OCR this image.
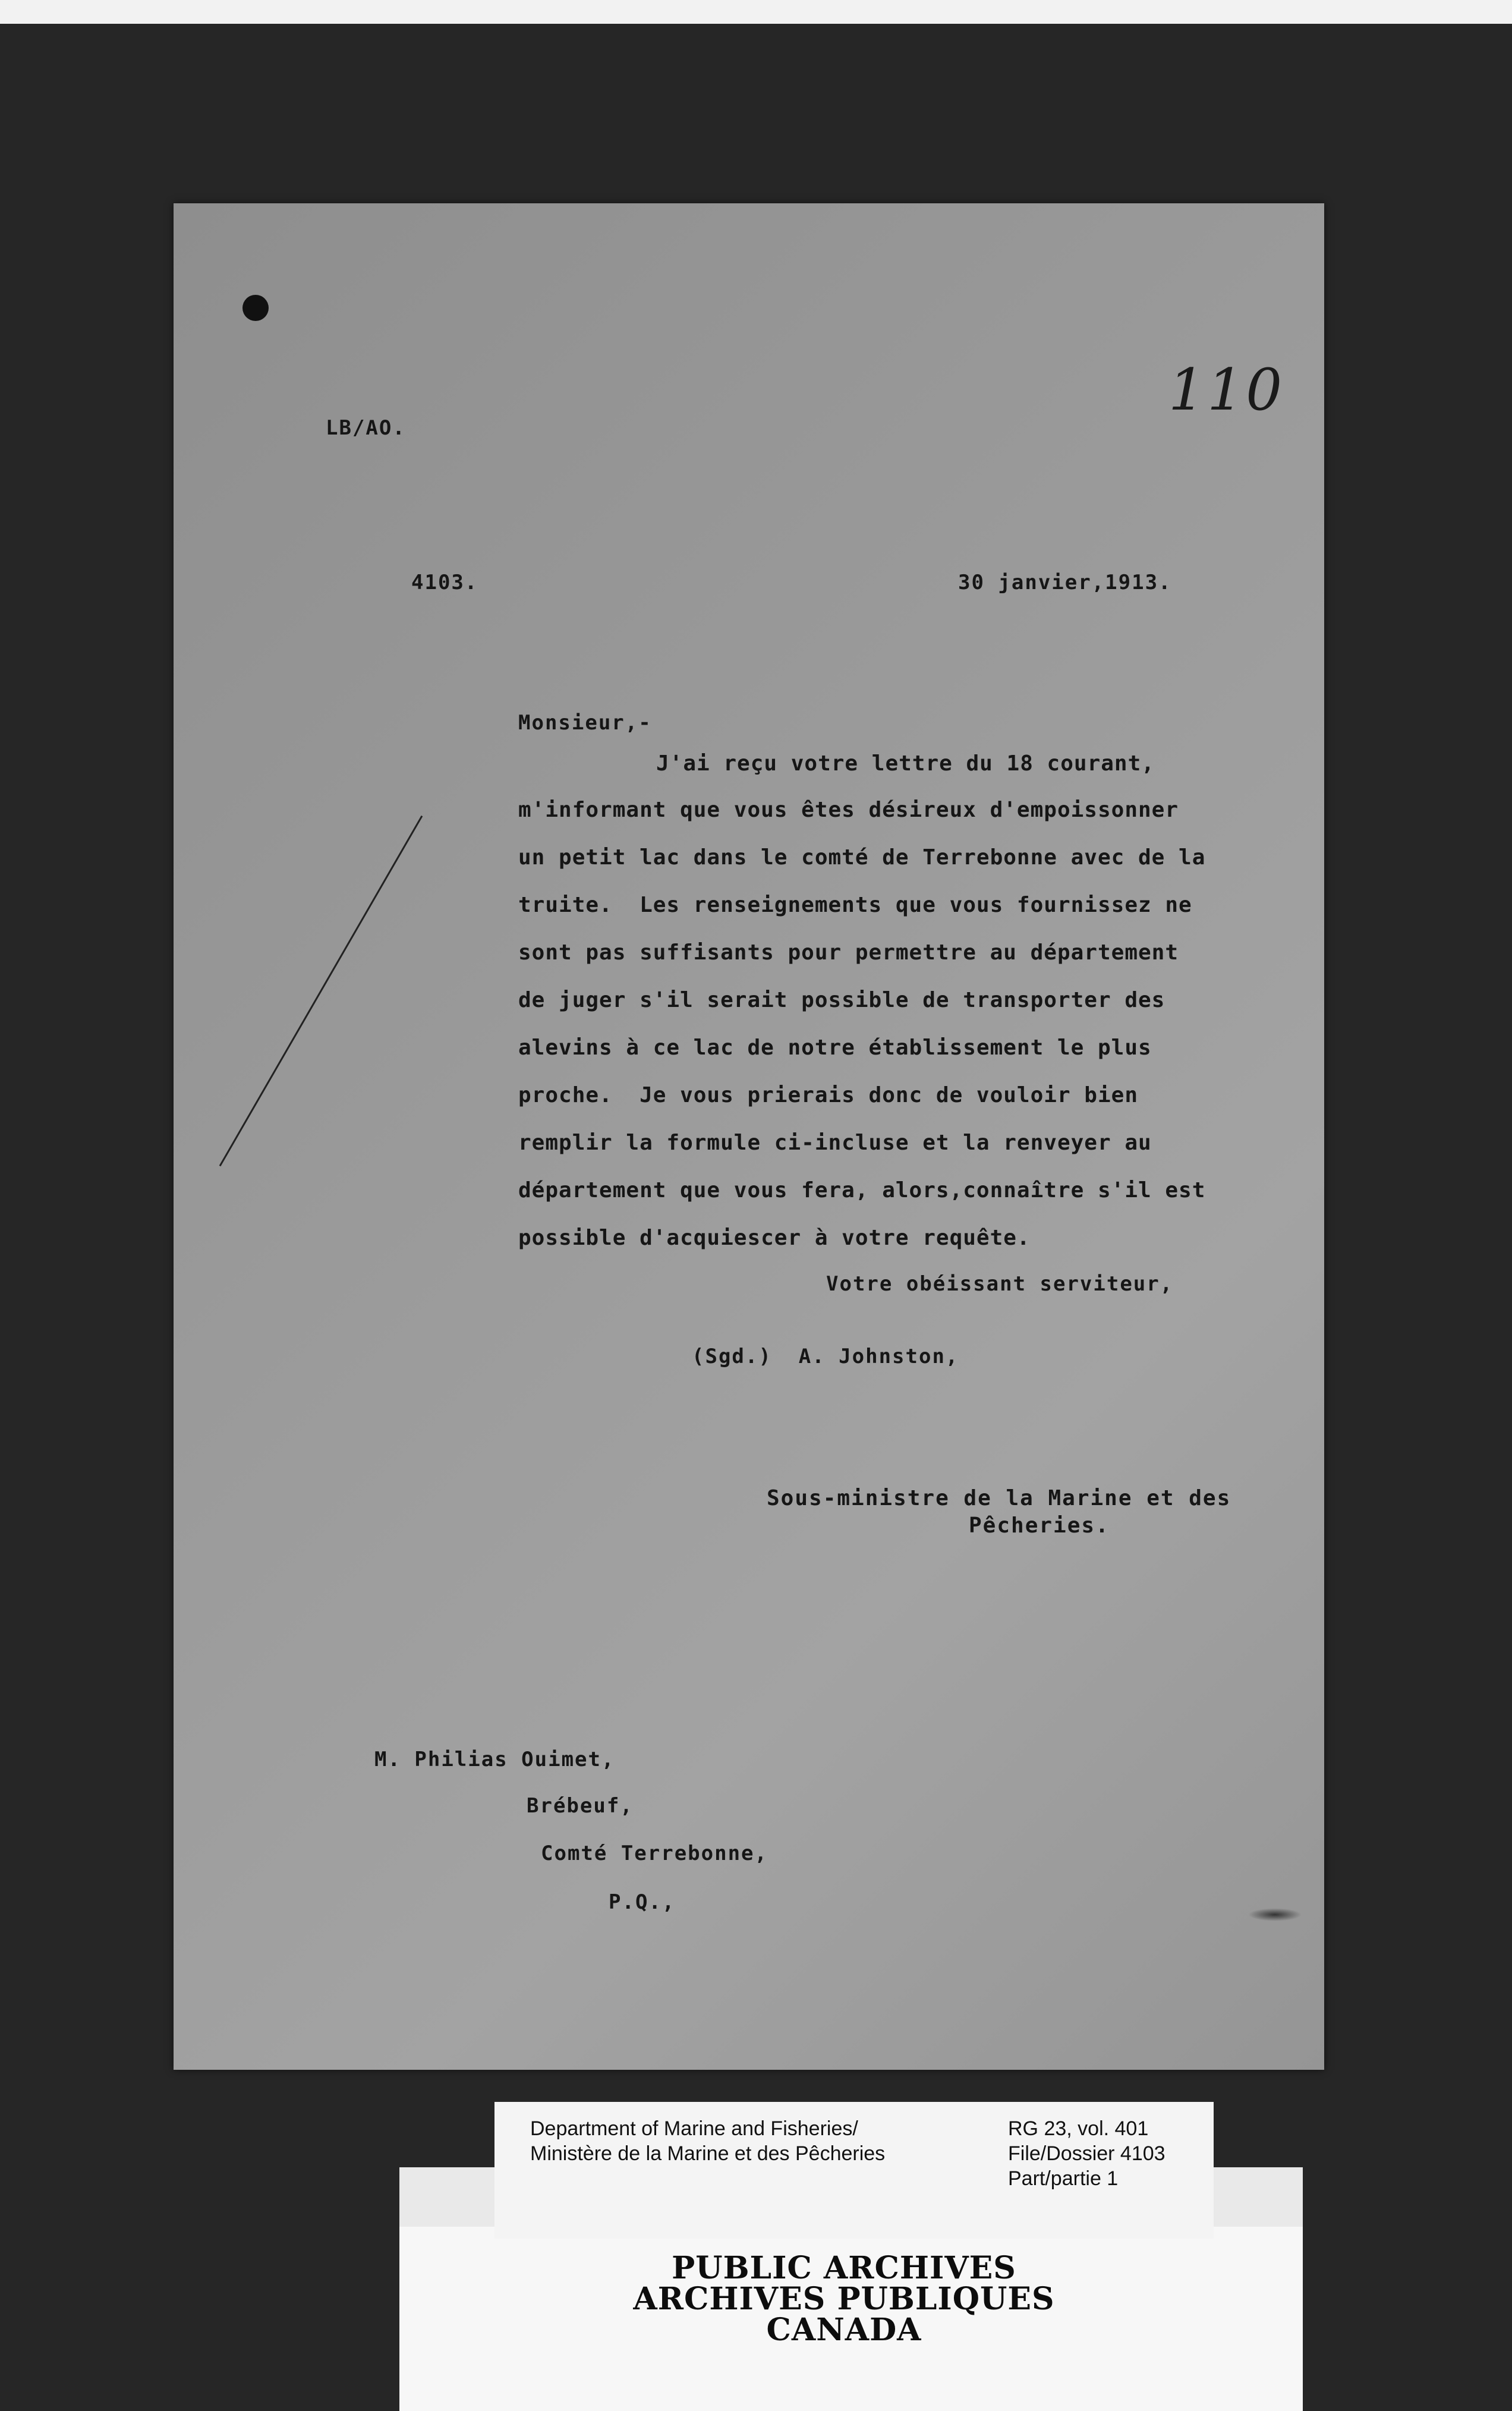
110
LB/AO.
4103.	30 janvier,1913.
Monsieur,-
J'ai reçu votre lettre du 18 courant,
m'informant que vous êtes désireux d'empoissonner
un petit lac dans le comté de Terrebonne avec de la
truite.  Les renseignements que vous fournissez ne
sont pas suffisants pour permettre au département
de juger s'il serait possible de transporter des
alevins à ce lac de notre établissement le plus
proche.  Je vous prierais donc de vouloir bien
remplir la formule ci-incluse et la renveyer au
département que vous fera, alors,connaître s'il est
possible d'acquiescer à votre requête.
Votre obéissant serviteur,
(Sgd.)  A. Johnston,
Sous-ministre de la Marine et des
Pêcheries.
M. Philias Ouimet,
Brébeuf,
Comté Terrebonne,
P.Q.,
Department of Marine and Fisheries/
Ministère de la Marine et des Pêcheries
RG 23, vol. 401
File/Dossier 4103
Part/partie 1
PUBLIC ARCHIVES
ARCHIVES PUBLIQUES
CANADA
